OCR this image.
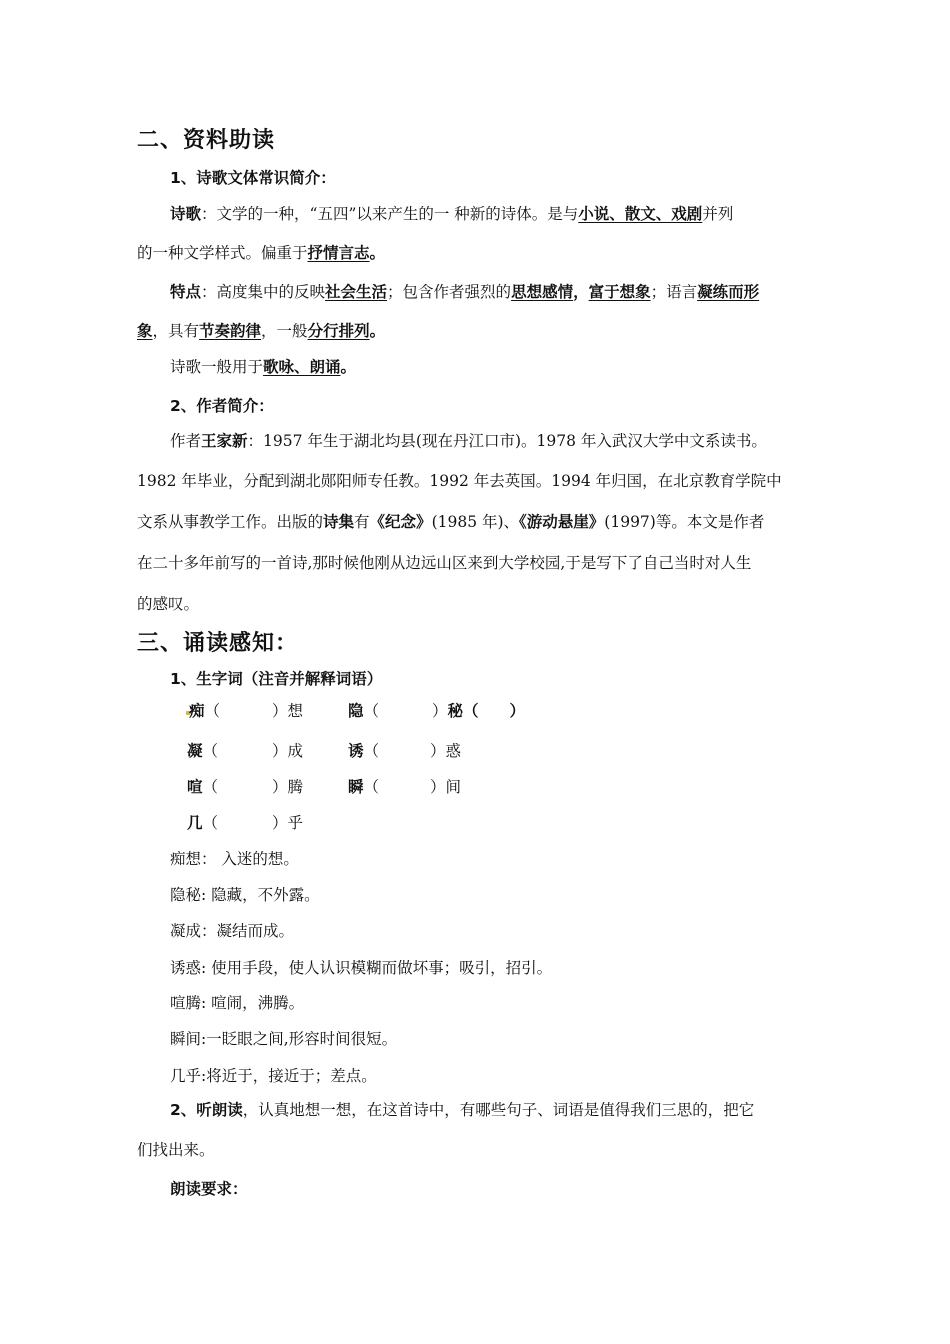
二、资料助读
1、诗歌文体常识简介：
诗歌：文学的一种，“五四”以来产生的一 种新的诗体。是与小说、散文、戏剧并列
的一种文学样式。偏重于抒情言志。
特点：高度集中的反映社会生活；包含作者强烈的思想感情，富于想象；语言凝练而形
象，具有节奏韵律，一般分行排列。
诗歌一般用于歌咏、朗诵。
2、作者简介：
作者王家新：1957 年生于湖北均县(现在丹江口市)。1978 年入武汉大学中文系读书。
1982 年毕业，分配到湖北郧阳师专任教。1992 年去英国。1994 年归国，在北京教育学院中
文系从事教学工作。出版的诗集有《纪念》(1985 年)、《游动悬崖》(1997)等。本文是作者
在二十多年前写的一首诗,那时候他刚从边远山区来到大学校园,于是写下了自己当时对人生
的感叹。
三、诵读感知：
1、生字词（注音并解释词语）
痴（	）想	隐（	）秘（　　）
凝（	）成	诱（	）惑
喧（	）腾	瞬（	）间
几（	）乎
痴想： 入迷的想。
隐秘: 隐藏，不外露。
凝成：凝结而成。
诱惑: 使用手段，使人认识模糊而做坏事；吸引，招引。
喧腾: 喧闹，沸腾。
瞬间:一眨眼之间,形容时间很短。
几乎:将近于，接近于；差点。
2、听朗读，认真地想一想，在这首诗中，有哪些句子、词语是值得我们三思的，把它
们找出来。
朗读要求：
